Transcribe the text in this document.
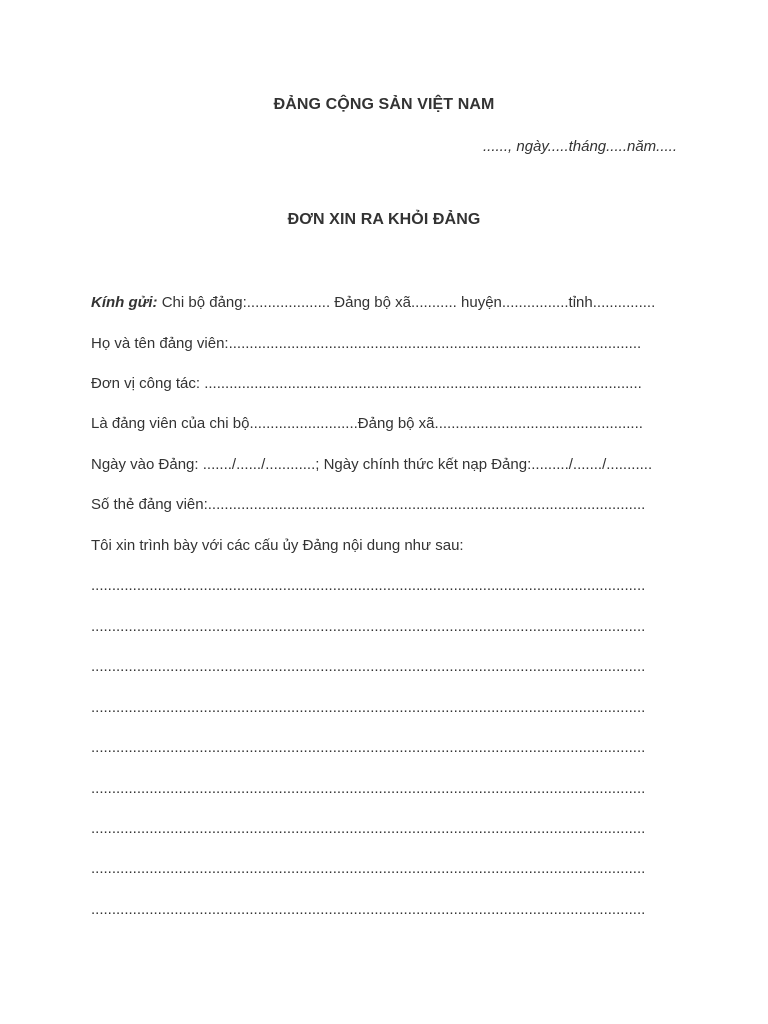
ĐẢNG CỘNG SẢN VIỆT NAM
......, ngày.....tháng.....năm.....
ĐƠN XIN RA KHỎI ĐẢNG
Kính gửi: Chi bộ đảng:.................... Đảng bộ xã........... huyện................tỉnh...............
Họ và tên đảng viên:...................................................................................................
Đơn vị công tác: .........................................................................................................
Là đảng viên của chi bộ..........................Đảng bộ xã..................................................
Ngày vào Đảng: ......./....../............; Ngày chính thức kết nạp Đảng:........./......./...........
Số thẻ đảng viên:.........................................................................................................
Tôi xin trình bày với các cấu ủy Đảng nội dung như sau:
.....................................................................................................................................
.....................................................................................................................................
.....................................................................................................................................
.....................................................................................................................................
.....................................................................................................................................
.....................................................................................................................................
.....................................................................................................................................
.....................................................................................................................................
.....................................................................................................................................
